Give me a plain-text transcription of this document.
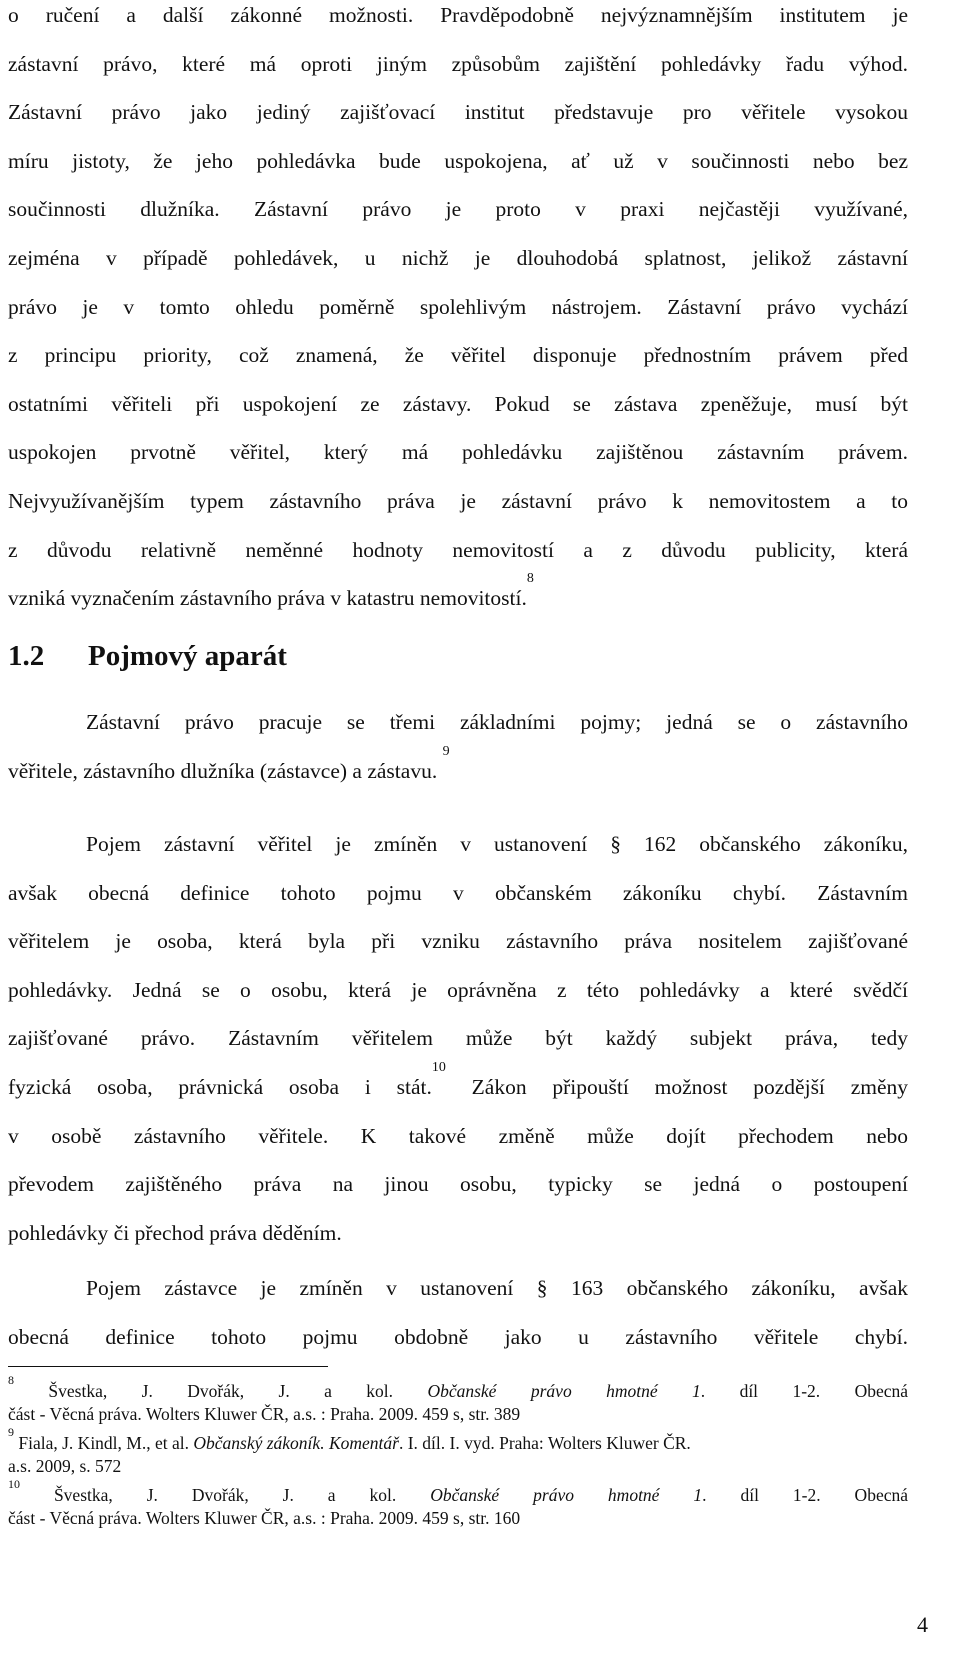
o ručení a další zákonné možnosti. Pravděpodobně nejvýznamnějším institutem je
zástavní právo, které má oproti jiným způsobům zajištění pohledávky řadu výhod.
Zástavní právo jako jediný zajišťovací institut představuje pro věřitele vysokou
míru jistoty, že jeho pohledávka bude uspokojena, ať už v součinnosti nebo bez
součinnosti dlužníka. Zástavní právo je proto v praxi nejčastěji využívané,
zejména v případě pohledávek, u nichž je dlouhodobá splatnost, jelikož zástavní
právo je v tomto ohledu poměrně spolehlivým nástrojem. Zástavní právo vychází
z principu priority, což znamená, že věřitel disponuje přednostním právem před
ostatními věřiteli při uspokojení ze zástavy. Pokud se zástava zpeněžuje, musí být
uspokojen prvotně věřitel, který má pohledávku zajištěnou zástavním právem.
Nejvyužívanějším typem zástavního práva je zástavní právo k nemovitostem a to
z důvodu relativně neměnné hodnoty nemovitostí a z důvodu publicity, která
vzniká vyznačením zástavního práva v katastru nemovitostí.$^8$
1.2 Pojmový aparát
Zástavní právo pracuje se třemi základními pojmy; jedná se o zástavního
věřitele, zástavního dlužníka (zástavce) a zástavu. $^9$
Pojem zástavní věřitel je zmíněn v ustanovení § 162 občanského zákoníku,
avšak obecná definice tohoto pojmu v občanském zákoníku chybí. Zástavním
věřitelem je osoba, která byla při vzniku zástavního práva nositelem zajišťované
pohledávky. Jedná se o osobu, která je oprávněna z této pohledávky a které svědčí
zajišťované právo. Zástavním věřitelem může být každý subjekt práva, tedy
fyzická osoba, právnická osoba i stát.$^{10}$ Zákon připouští možnost pozdější změny
v osobě zástavního věřitele. K takové změně může dojít přechodem nebo
převodem zajištěného práva na jinou osobu, typicky se jedná o postoupení
pohledávky či přechod práva děděním.
Pojem zástavce je zmíněn v ustanovení § 163 občanského zákoníku, avšak
obecná definice tohoto pojmu obdobně jako u zástavního věřitele chybí.
$^8$ Švestka, J. Dvořák, J. a kol. Občanské právo hmotné 1. díl 1-2. Obecná
část - Věcná práva. Wolters Kluwer ČR, a.s. : Praha. 2009. 459 s, str. 389
$^9$ Fiala, J. Kindl, M., et al. Občanský zákoník. Komentář. I. díl. I. vyd. Praha: Wolters Kluwer ČR.
a.s. 2009, s. 572
$^{10}$ Švestka, J. Dvořák, J. a kol. Občanské právo hmotné 1. díl 1-2. Obecná
část - Věcná práva. Wolters Kluwer ČR, a.s. : Praha. 2009. 459 s, str. 160
4
